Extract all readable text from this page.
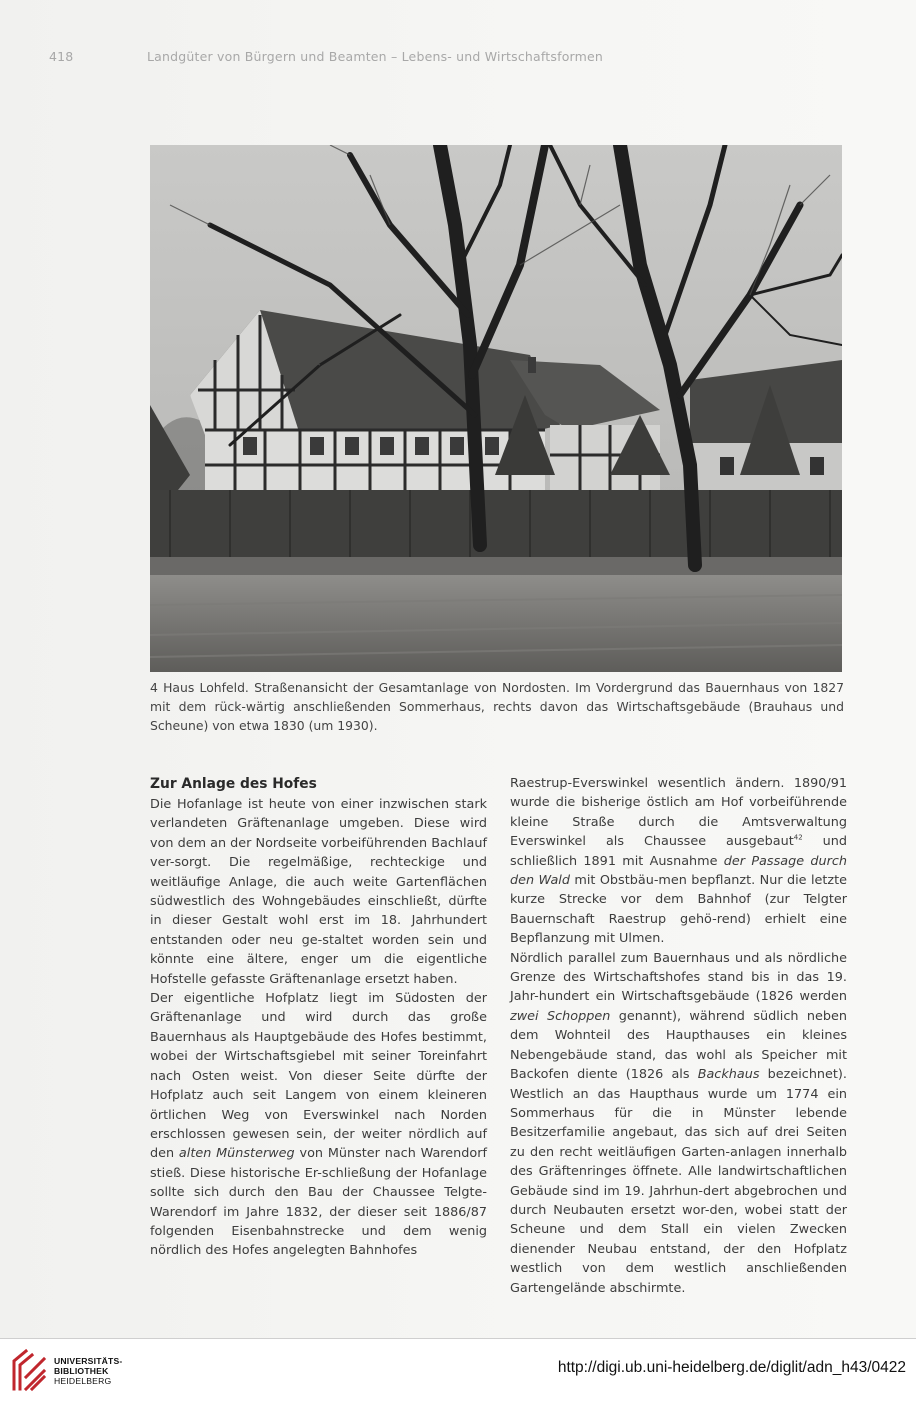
418	Landgüter von Bürgern und Beamten – Lebens- und Wirtschaftsformen
4 Haus Lohfeld. Straßenansicht der Gesamtanlage von Nordosten. Im Vordergrund das Bauernhaus von 1827 mit dem rück-wärtig anschließenden Sommerhaus, rechts davon das Wirtschaftsgebäude (Brauhaus und Scheune) von etwa 1830 (um 1930).
Zur Anlage des Hofes

Die Hofanlage ist heute von einer inzwischen stark verlandeten Gräftenanlage umgeben. Diese wird von dem an der Nordseite vorbeiführenden Bachlauf ver-sorgt. Die regelmäßige, rechteckige und weitläufige Anlage, die auch weite Gartenflächen südwestlich des Wohngebäudes einschließt, dürfte in dieser Gestalt wohl erst im 18. Jahrhundert entstanden oder neu ge-staltet worden sein und könnte eine ältere, enger um die eigentliche Hofstelle gefasste Gräftenanlage ersetzt haben.

Der eigentliche Hofplatz liegt im Südosten der Gräftenanlage und wird durch das große Bauernhaus als Hauptgebäude des Hofes bestimmt, wobei der Wirtschaftsgiebel mit seiner Toreinfahrt nach Osten weist. Von dieser Seite dürfte der Hofplatz auch seit Langem von einem kleineren örtlichen Weg von Everswinkel nach Norden erschlossen gewesen sein, der weiter nördlich auf den alten Münsterweg von Münster nach Warendorf stieß. Diese historische Er-schließung der Hofanlage sollte sich durch den Bau der Chaussee Telgte-Warendorf im Jahre 1832, der dieser seit 1886/87 folgenden Eisenbahnstrecke und dem wenig nördlich des Hofes angelegten Bahnhofes

Raestrup-Everswinkel wesentlich ändern. 1890/91 wurde die bisherige östlich am Hof vorbeiführende kleine Straße durch die Amtsverwaltung Everswinkel als Chaussee ausgebaut$^{42}$ und schließlich 1891 mit Ausnahme der Passage durch den Wald mit Obstbäu-men bepflanzt. Nur die letzte kurze Strecke vor dem Bahnhof (zur Telgter Bauernschaft Raestrup gehö-rend) erhielt eine Bepflanzung mit Ulmen.

Nördlich parallel zum Bauernhaus und als nördliche Grenze des Wirtschaftshofes stand bis in das 19. Jahr-hundert ein Wirtschaftsgebäude (1826 werden zwei Schoppen genannt), während südlich neben dem Wohnteil des Haupthauses ein kleines Nebengebäude stand, das wohl als Speicher mit Backofen diente (1826 als Backhaus bezeichnet). Westlich an das Haupthaus wurde um 1774 ein Sommerhaus für die in Münster lebende Besitzerfamilie angebaut, das sich auf drei Seiten zu den recht weitläufigen Garten-anlagen innerhalb des Gräftenringes öffnete. Alle landwirtschaftlichen Gebäude sind im 19. Jahrhun-dert abgebrochen und durch Neubauten ersetzt wor-den, wobei statt der Scheune und dem Stall ein vielen Zwecken dienender Neubau entstand, der den Hofplatz westlich von dem westlich anschließenden Gartengelände abschirmte.

UNIVERSITÄTS-
BIBLIOTHEK
HEIDELBERG
http://digi.ub.uni-heidelberg.de/diglit/adn_h43/0422
